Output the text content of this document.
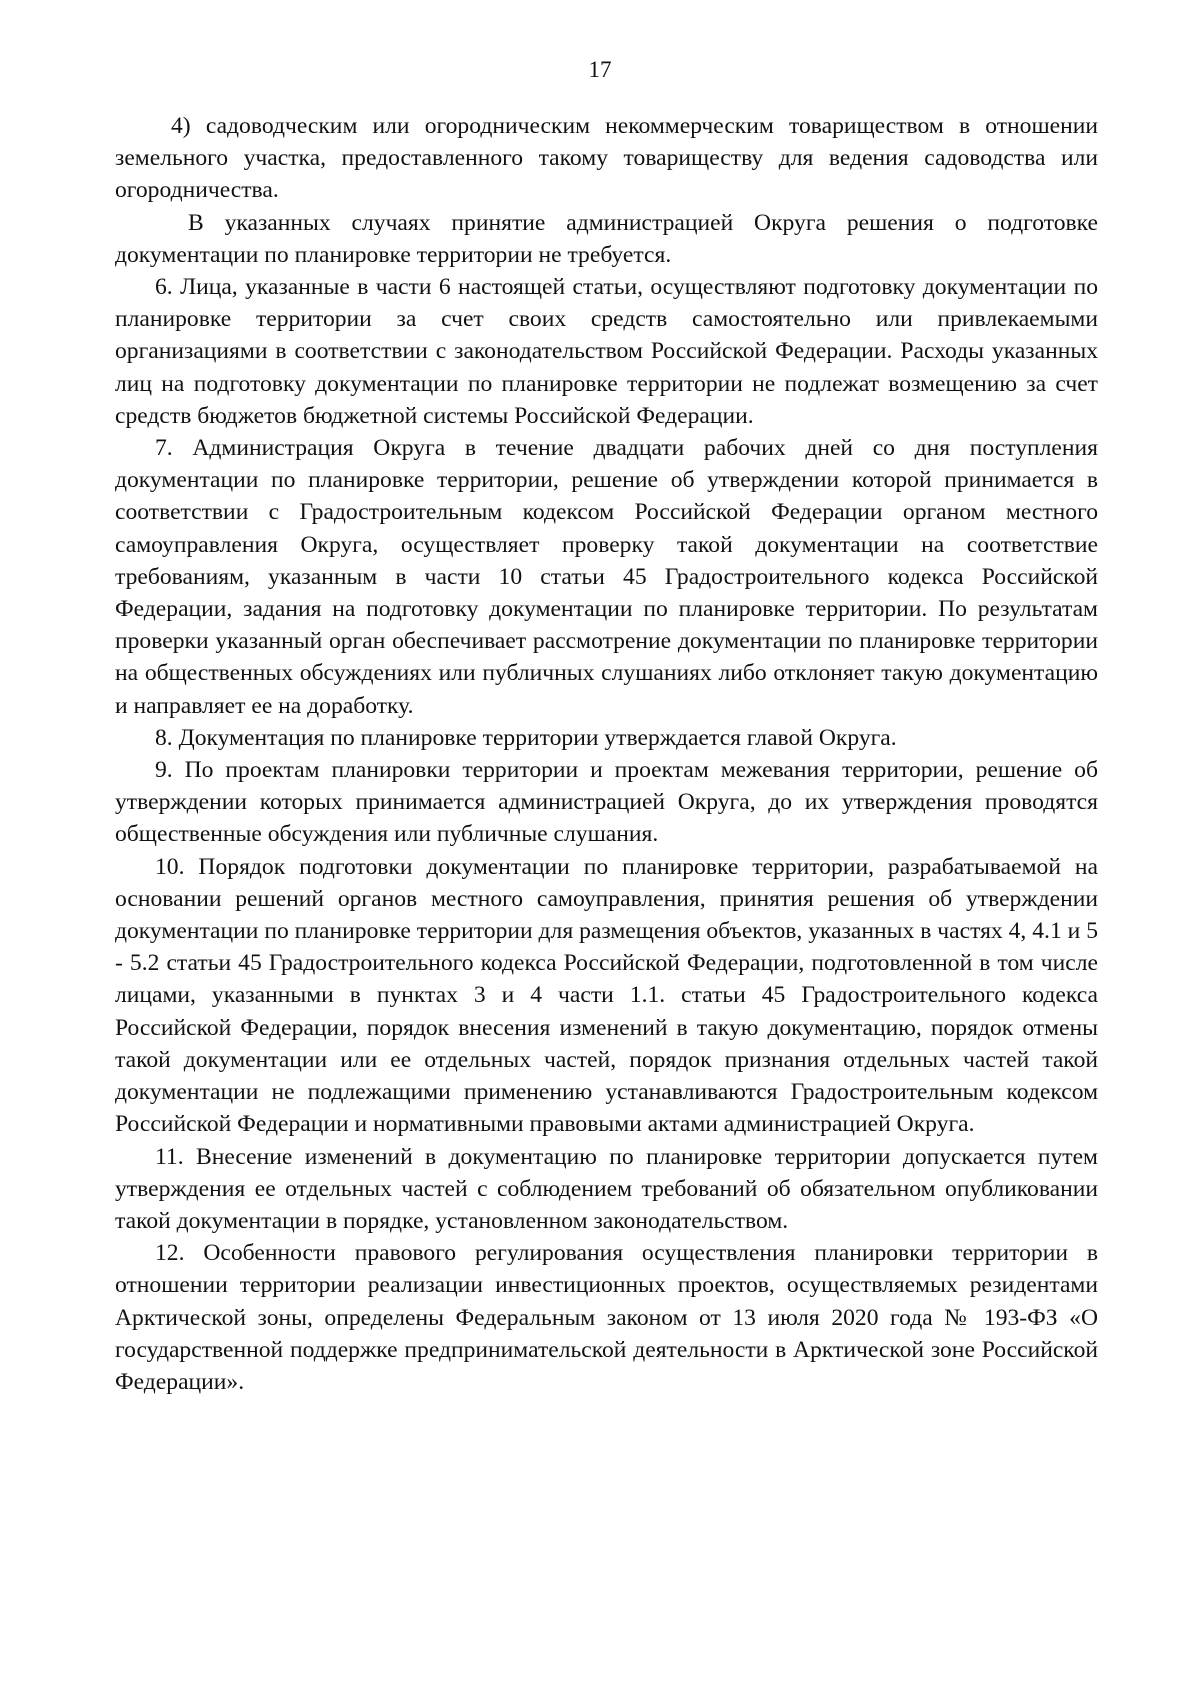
17

4) садоводческим или огородническим некоммерческим товариществом в отношении земельного участка, предоставленного такому товариществу для ведения садоводства или огородничества.

В указанных случаях принятие администрацией Округа решения о подготовке документации по планировке территории не требуется.

6. Лица, указанные в части 6 настоящей статьи, осуществляют подготовку документации по планировке территории за счет своих средств самостоятельно или привлекаемыми организациями в соответствии с законодательством Российской Федерации. Расходы указанных лиц на подготовку документации по планировке территории не подлежат возмещению за счет средств бюджетов бюджетной системы Российской Федерации.

7. Администрация Округа в течение двадцати рабочих дней со дня поступления документации по планировке территории, решение об утверждении которой принимается в соответствии с Градостроительным кодексом Российской Федерации органом местного самоуправления Округа, осуществляет проверку такой документации на соответствие требованиям, указанным в части 10 статьи 45 Градостроительного кодекса Российской Федерации, задания на подготовку документации по планировке территории. По результатам проверки указанный орган обеспечивает рассмотрение документации по планировке территории на общественных обсуждениях или публичных слушаниях либо отклоняет такую документацию и направляет ее на доработку.

8. Документация по планировке территории утверждается главой Округа.

9. По проектам планировки территории и проектам межевания территории, решение об утверждении которых принимается администрацией Округа, до их утверждения проводятся общественные обсуждения или публичные слушания.

10. Порядок подготовки документации по планировке территории, разрабатываемой на основании решений органов местного самоуправления, принятия решения об утверждении документации по планировке территории для размещения объектов, указанных в частях 4, 4.1 и 5 - 5.2 статьи 45 Градостроительного кодекса Российской Федерации, подготовленной в том числе лицами, указанными в пунктах 3 и 4 части 1.1. статьи 45 Градостроительного кодекса Российской Федерации, порядок внесения изменений в такую документацию, порядок отмены такой документации или ее отдельных частей, порядок признания отдельных частей такой документации не подлежащими применению устанавливаются Градостроительным кодексом Российской Федерации и нормативными правовыми актами администрацией Округа.

11. Внесение изменений в документацию по планировке территории допускается путем утверждения ее отдельных частей с соблюдением требований об обязательном опубликовании такой документации в порядке, установленном законодательством.

12. Особенности правового регулирования осуществления планировки территории в отношении территории реализации инвестиционных проектов, осуществляемых резидентами Арктической зоны, определены Федеральным законом от 13 июля 2020 года № 193-ФЗ «О государственной поддержке предпринимательской деятельности в Арктической зоне Российской Федерации».
